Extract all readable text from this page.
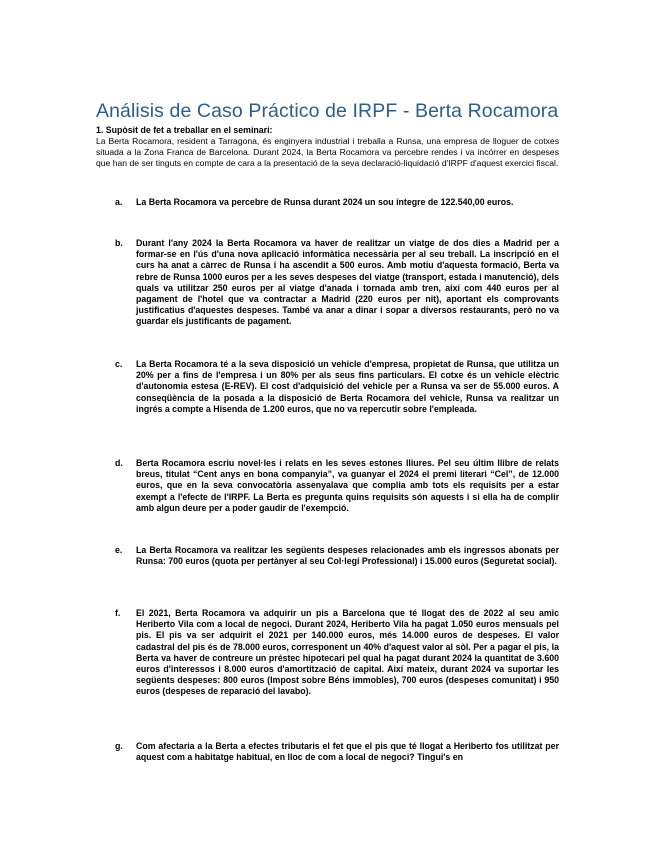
Análisis de Caso Práctico de IRPF - Berta Rocamora

1. Supòsit de fet a treballar en el seminari:

La Berta Rocamora, resident a Tarragona, és enginyera industrial i treballa a Runsa, una empresa de lloguer de cotxes situada a la Zona Franca de Barcelona. Durant 2024, la Berta Rocamora va percebre rendes i va incórrer en despeses que han de ser tinguts en compte de cara a la presentació de la seva declaració-liquidació d'IRPF d'aquest exercici fiscal.

a. La Berta Rocamora va percebre de Runsa durant 2024 un sou íntegre de 122.540,00 euros.

b. Durant l'any 2024 la Berta Rocamora va haver de realitzar un viatge de dos dies a Madrid per a formar-se en l'ús d'una nova aplicació informàtica necessària per al seu treball. La inscripció en el curs ha anat a càrrec de Runsa i ha ascendit a 500 euros. Amb motiu d'aquesta formació, Berta va rebre de Runsa 1000 euros per a les seves despeses del viatge (transport, estada i manutenció), dels quals va utilitzar 250 euros per al viatge d'anada i tornada amb tren, així com 440 euros per al pagament de l'hotel que va contractar a Madrid (220 euros per nit), aportant els comprovants justificatius d'aquestes despeses. També va anar a dinar i sopar a diversos restaurants, però no va guardar els justificants de pagament.

c. La Berta Rocamora té a la seva disposició un vehicle d'empresa, propietat de Runsa, que utilitza un 20% per a fins de l'empresa i un 80% per als seus fins particulars. El cotxe és un vehicle elèctric d'autonomia estesa (E-REV). El cost d'adquisició del vehicle per a Runsa va ser de 55.000 euros. A conseqüència de la posada a la disposició de Berta Rocamora del vehicle, Runsa va realitzar un ingrés a compte a Hisenda de 1.200 euros, que no va repercutir sobre l'empleada.

d. Berta Rocamora escriu novel·les i relats en les seves estones lliures. Pel seu últim llibre de relats breus, titulat “Cent anys en bona companyia”, va guanyar el 2024 el premi literari “Cel”, de 12.000 euros, que en la seva convocatòria assenyalava que complia amb tots els requisits per a estar exempt a l'efecte de l'IRPF. La Berta es pregunta quins requisits són aquests i si ella ha de complir amb algun deure per a poder gaudir de l'exempció.

e. La Berta Rocamora va realitzar les següents despeses relacionades amb els ingressos abonats per Runsa: 700 euros (quota per pertànyer al seu Col·legi Professional) i 15.000 euros (Seguretat social).

f. El 2021, Berta Rocamora va adquirir un pis a Barcelona que té llogat des de 2022 al seu amic Heriberto Vila com a local de negoci. Durant 2024, Heriberto Vila ha pagat 1.050 euros mensuals pel pis. El pis va ser adquirit el 2021 per 140.000 euros, més 14.000 euros de despeses. El valor cadastral del pis és de 78.000 euros, corresponent un 40% d'aquest valor al sòl. Per a pagar el pis, la Berta va haver de contreure un préstec hipotecari pel qual ha pagat durant 2024 la quantitat de 3.600 euros d'interessos i 8.000 euros d'amortització de capital. Així mateix, durant 2024 va suportar les següents despeses: 800 euros (Impost sobre Béns immobles), 700 euros (despeses comunitat) i 950 euros (despeses de reparació del lavabo).

g. Com afectaria a la Berta a efectes tributaris el fet que el pis que té llogat a Heriberto fos utilitzat per aquest com a habitatge habitual, en lloc de com a local de negoci? Tingui's en
